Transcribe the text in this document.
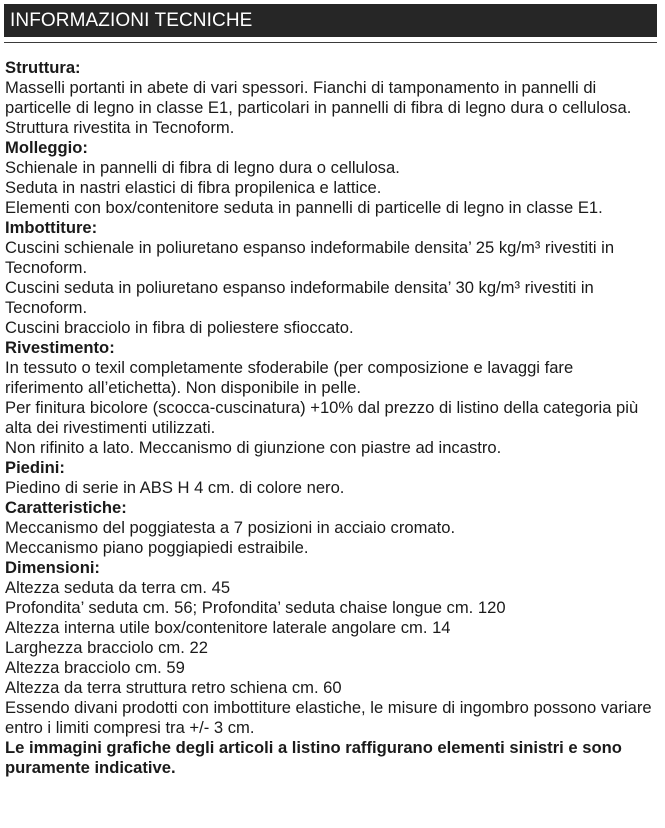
INFORMAZIONI TECNICHE
Struttura:
Masselli portanti in abete di vari spessori. Fianchi di tamponamento in pannelli di particelle di legno in classe E1, particolari in pannelli di fibra di legno dura o cellulosa.
Struttura rivestita in Tecnoform.
Molleggio:
Schienale in pannelli di fibra di legno dura o cellulosa.
Seduta in nastri elastici di fibra propilenica e lattice.
Elementi con box/contenitore seduta in pannelli di particelle di legno in classe E1.
Imbottiture:
Cuscini schienale in poliuretano espanso indeformabile densita’ 25 kg/m³ rivestiti in Tecnoform.
Cuscini seduta in poliuretano espanso indeformabile densita’ 30 kg/m³ rivestiti in Tecnoform.
Cuscini bracciolo in fibra di poliestere sfioccato.
Rivestimento:
In tessuto o texil completamente sfoderabile (per composizione e lavaggi fare riferimento all’etichetta). Non disponibile in pelle.
Per finitura bicolore (scocca-cuscinatura) +10% dal prezzo di listino della categoria più alta dei rivestimenti utilizzati.
Non rifinito a lato. Meccanismo di giunzione con piastre ad incastro.
Piedini:
Piedino di serie in ABS H 4 cm. di colore nero.
Caratteristiche:
Meccanismo del poggiatesta a 7 posizioni in acciaio cromato.
Meccanismo piano poggiapiedi estraibile.
Dimensioni:
Altezza seduta da terra cm. 45
Profondita’ seduta cm. 56; Profondita’ seduta chaise longue cm. 120
Altezza interna utile box/contenitore laterale angolare cm. 14
Larghezza bracciolo cm. 22
Altezza bracciolo cm. 59
Altezza da terra struttura retro schiena cm. 60
Essendo divani prodotti con imbottiture elastiche, le misure di ingombro possono variare entro i limiti compresi tra +/- 3 cm.
Le immagini grafiche degli articoli a listino raffigurano elementi sinistri e sono puramente indicative.
